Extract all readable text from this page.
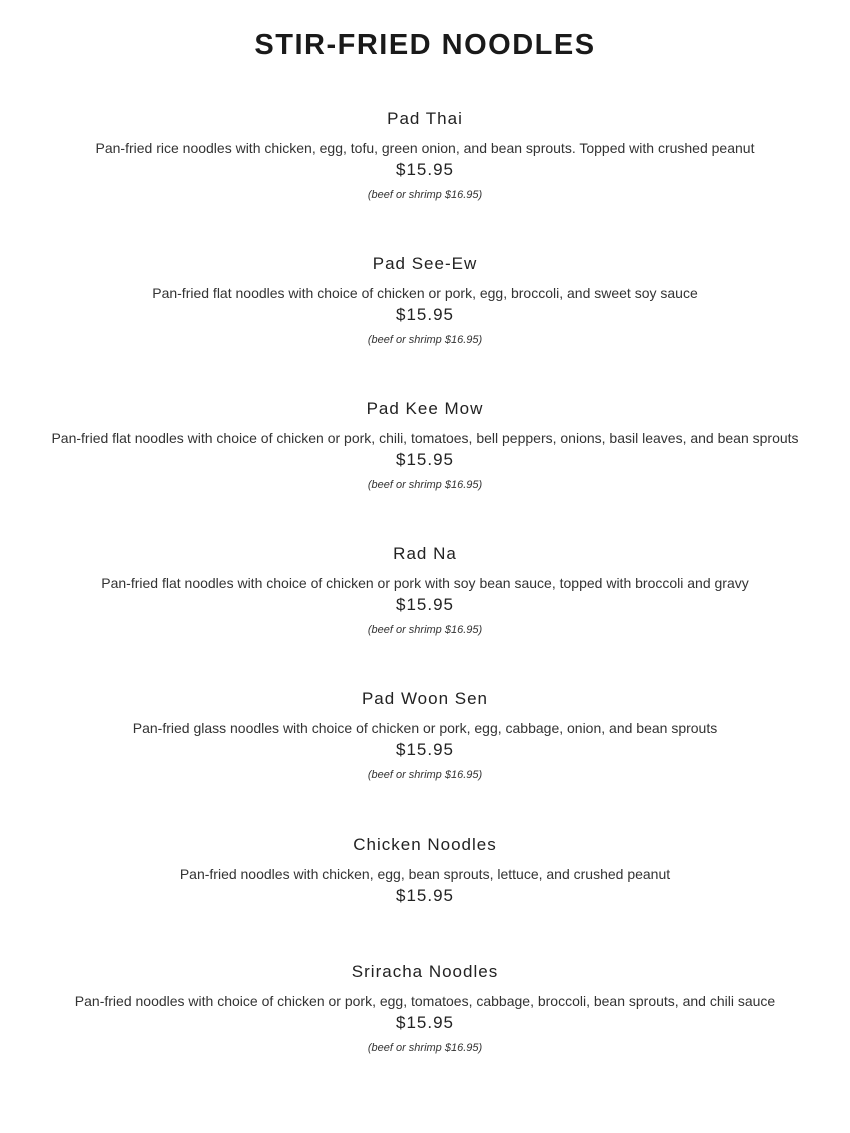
STIR-FRIED NOODLES
Pad Thai
Pan-fried rice noodles with chicken, egg, tofu, green onion, and bean sprouts. Topped with crushed peanut
$15.95
(beef or shrimp $16.95)
Pad See-Ew
Pan-fried flat noodles with choice of chicken or pork, egg, broccoli, and sweet soy sauce
$15.95
(beef or shrimp $16.95)
Pad Kee Mow
Pan-fried flat noodles with choice of chicken or pork, chili, tomatoes, bell peppers, onions, basil leaves, and bean sprouts
$15.95
(beef or shrimp $16.95)
Rad Na
Pan-fried flat noodles with choice of chicken or pork with soy bean sauce, topped with broccoli and gravy
$15.95
(beef or shrimp $16.95)
Pad Woon Sen
Pan-fried glass noodles with choice of chicken or pork, egg, cabbage, onion, and bean sprouts
$15.95
(beef or shrimp $16.95)
Chicken Noodles
Pan-fried noodles with chicken, egg, bean sprouts, lettuce, and crushed peanut
$15.95
Sriracha Noodles
Pan-fried noodles with choice of chicken or pork, egg, tomatoes, cabbage, broccoli, bean sprouts, and chili sauce
$15.95
(beef or shrimp $16.95)
